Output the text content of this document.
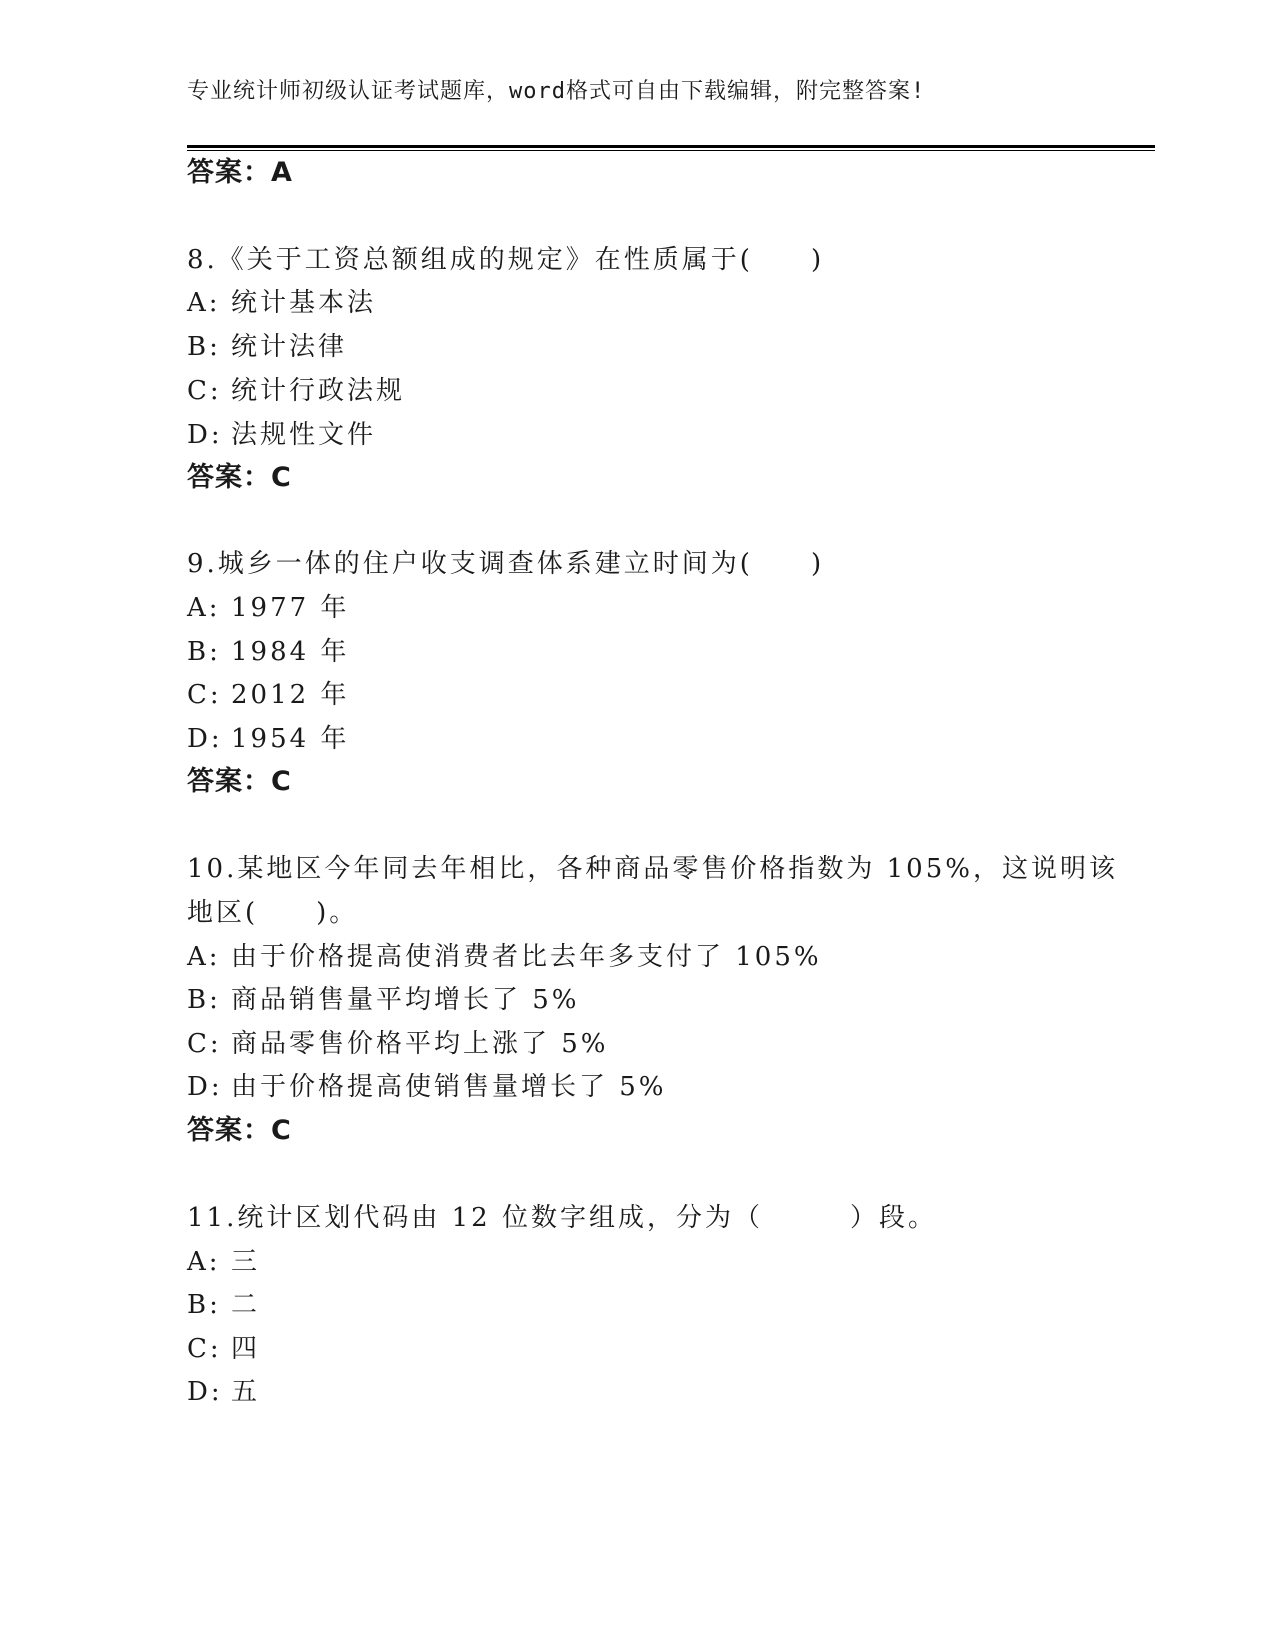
专业统计师初级认证考试题库，word格式可自由下载编辑，附完整答案!
答案：A
8.《关于工资总额组成的规定》在性质属于(　　)
A: 统计基本法
B: 统计法律
C: 统计行政法规
D: 法规性文件
答案：C
9.城乡一体的住户收支调查体系建立时间为(　　)
A: 1977 年
B: 1984 年
C: 2012 年
D: 1954 年
答案：C
10.某地区今年同去年相比，各种商品零售价格指数为 105%，这说明该
地区(　　)。
A: 由于价格提高使消费者比去年多支付了 105%
B: 商品销售量平均增长了 5%
C: 商品零售价格平均上涨了 5%
D: 由于价格提高使销售量增长了 5%
答案：C
11.统计区划代码由 12 位数字组成，分为（　　　）段。
A: 三
B: 二
C: 四
D: 五
